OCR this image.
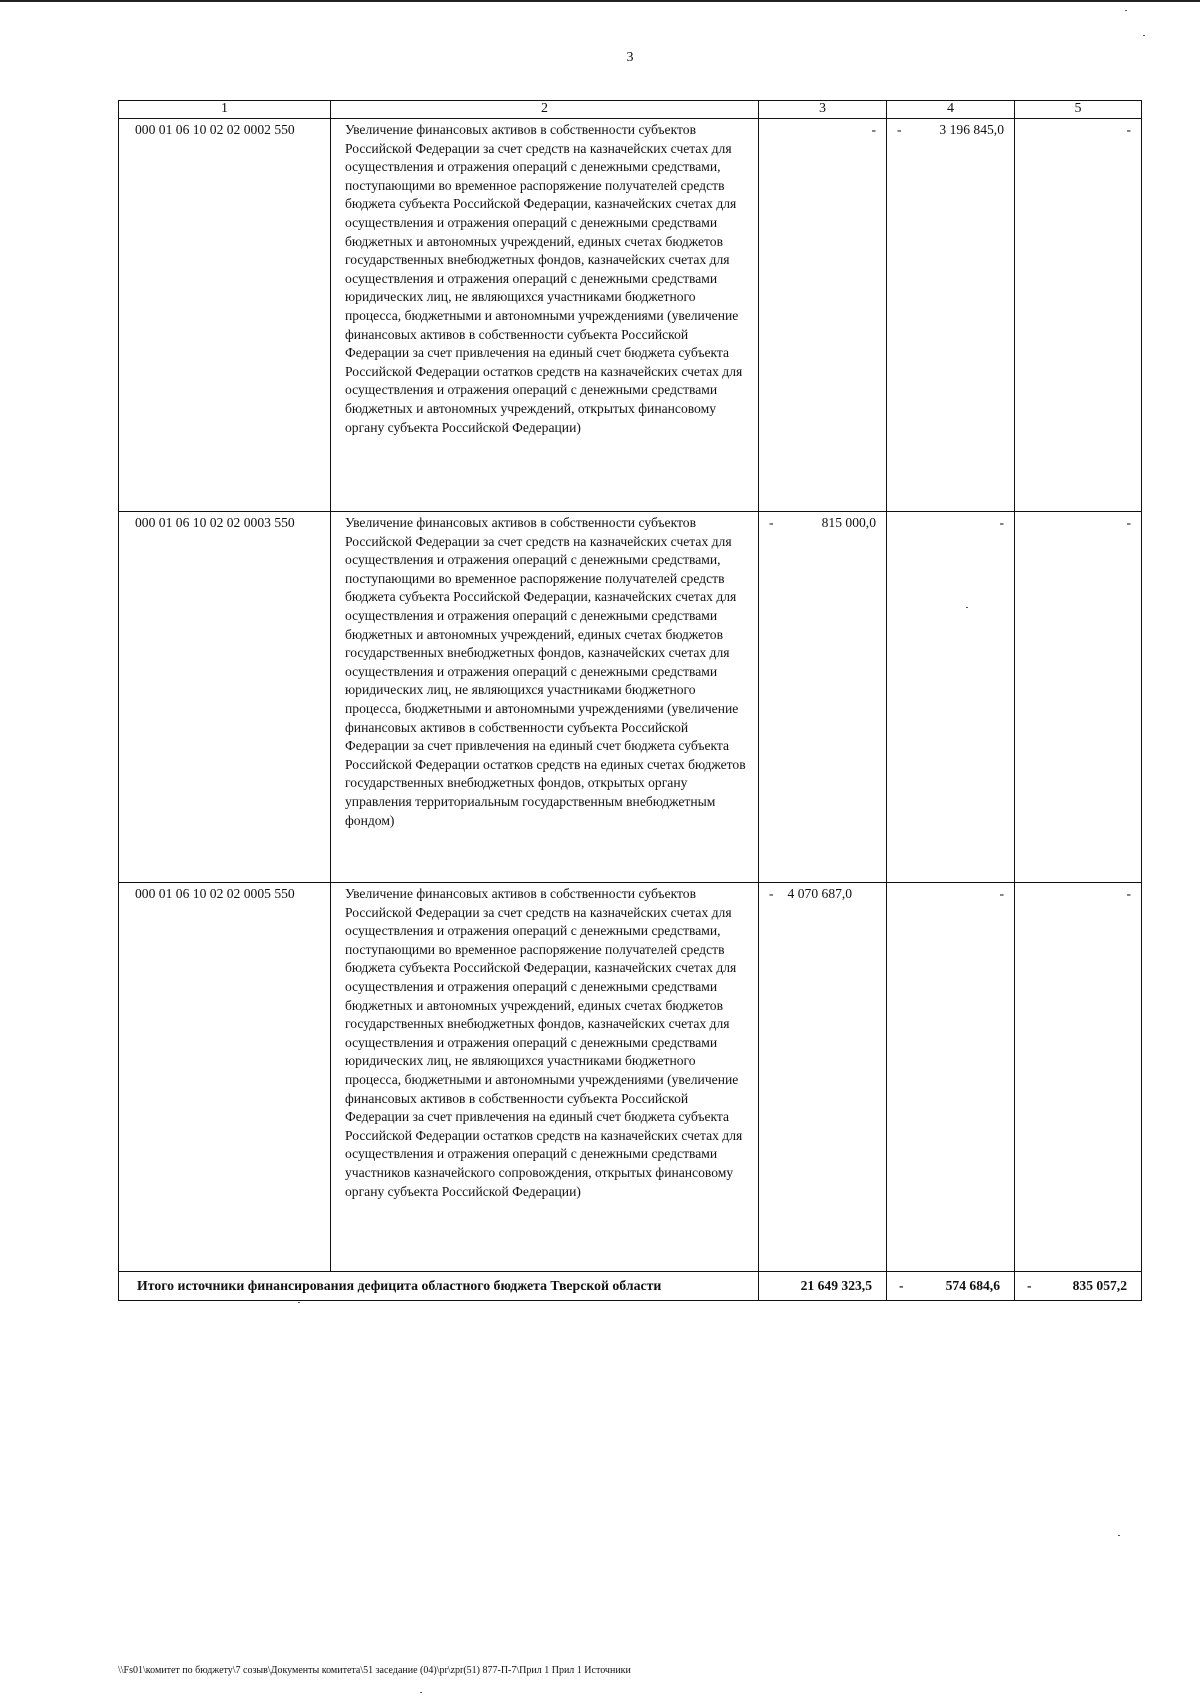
3
1	2	3	4	5
000 01 06 10 02 02 0002 550	Увеличение финансовых активов в собственности субъектов Российской Федерации за счет средств на казначейских счетах для осуществления и отражения операций с денежными средствами, поступающими во временное распоряжение получателей средств бюджета субъекта Российской Федерации, казначейских счетах для осуществления и отражения операций с денежными средствами бюджетных и автономных учреждений, единых счетах бюджетов государственных внебюджетных фондов, казначейских счетах для осуществления и отражения операций с денежными средствами юридических лиц, не являющихся участниками бюджетного процесса, бюджетными и автономными учреждениями (увеличение финансовых активов в собственности субъекта Российской Федерации за счет привлечения на единый счет бюджета субъекта Российской Федерации остатков средств на казначейских счетах для осуществления и отражения операций с денежными средствами бюджетных и автономных учреждений, открытых финансовому органу субъекта Российской Федерации)	-	- 3 196 845,0	-

000 01 06 10 02 02 0003 550	Увеличение финансовых активов в собственности субъектов Российской Федерации за счет средств на казначейских счетах для осуществления и отражения операций с денежными средствами, поступающими во временное распоряжение получателей средств бюджета субъекта Российской Федерации, казначейских счетах для осуществления и отражения операций с денежными средствами бюджетных и автономных учреждений, единых счетах бюджетов государственных внебюджетных фондов, казначейских счетах для осуществления и отражения операций с денежными средствами юридических лиц, не являющихся участниками бюджетного процесса, бюджетными и автономными учреждениями (увеличение финансовых активов в собственности субъекта Российской Федерации за счет привлечения на единый счет бюджета субъекта Российской Федерации остатков средств на единых счетах бюджетов государственных внебюджетных фондов, открытых органу управления территориальным государственным внебюджетным фондом)	- 815 000,0	-	-

000 01 06 10 02 02 0005 550	Увеличение финансовых активов в собственности субъектов Российской Федерации за счет средств на казначейских счетах для осуществления и отражения операций с денежными средствами, поступающими во временное распоряжение получателей средств бюджета субъекта Российской Федерации, казначейских счетах для осуществления и отражения операций с денежными средствами бюджетных и автономных учреждений, единых счетах бюджетов государственных внебюджетных фондов, казначейских счетах для осуществления и отражения операций с денежными средствами юридических лиц, не являющихся участниками бюджетного процесса, бюджетными и автономными учреждениями (увеличение финансовых активов в собственности субъекта Российской Федерации за счет привлечения на единый счет бюджета субъекта Российской Федерации остатков средств на казначейских счетах для осуществления и отражения операций с денежными средствами участников казначейского сопровождения, открытых финансовому органу субъекта Российской Федерации)	- 4 070 687,0	-	-

Итого источники финансирования дефицита областного бюджета Тверской области		21 649 323,5	- 574 684,6	- 835 057,2
\\Fs01\комитет по бюджету\7 созыв\Документы комитета\51 заседание (04)\pr\zpr(51) 877-П-7\Прил 1 Прил 1 Источники
